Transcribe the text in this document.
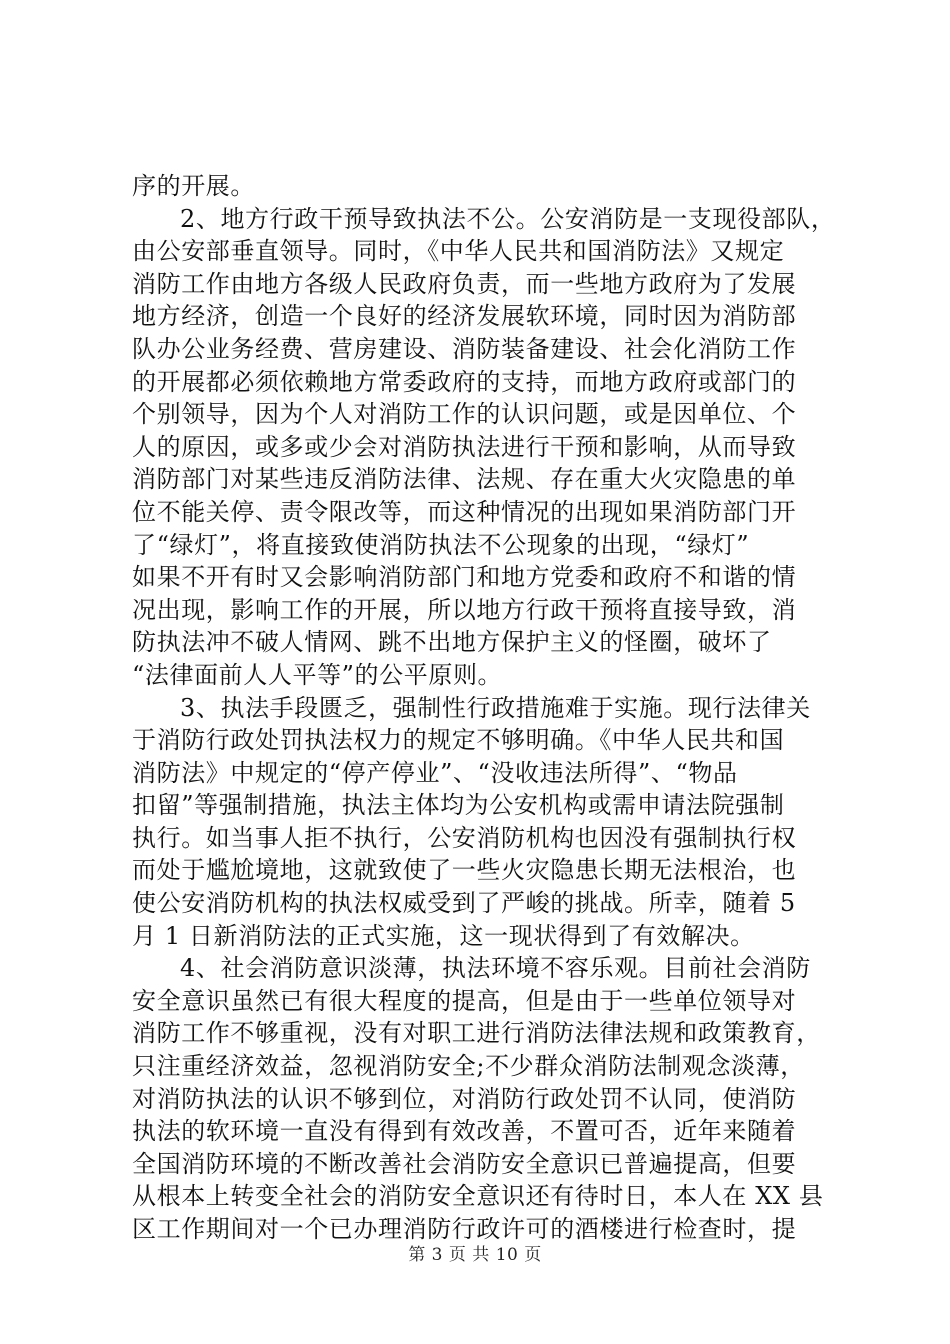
序的开展。
2、地方行政干预导致执法不公。公安消防是一支现役部队，
由公安部垂直领导。同时，《中华人民共和国消防法》又规定
消防工作由地方各级人民政府负责，而一些地方政府为了发展
地方经济，创造一个良好的经济发展软环境，同时因为消防部
队办公业务经费、营房建设、消防装备建设、社会化消防工作
的开展都必须依赖地方常委政府的支持，而地方政府或部门的
个别领导，因为个人对消防工作的认识问题，或是因单位、个
人的原因，或多或少会对消防执法进行干预和影响，从而导致
消防部门对某些违反消防法律、法规、存在重大火灾隐患的单
位不能关停、责令限改等，而这种情况的出现如果消防部门开
了“绿灯”，将直接致使消防执法不公现象的出现，“绿灯”
如果不开有时又会影响消防部门和地方党委和政府不和谐的情
况出现，影响工作的开展，所以地方行政干预将直接导致，消
防执法冲不破人情网、跳不出地方保护主义的怪圈，破坏了
“法律面前人人平等”的公平原则。
3、执法手段匮乏，强制性行政措施难于实施。现行法律关
于消防行政处罚执法权力的规定不够明确。《中华人民共和国
消防法》中规定的“停产停业”、“没收违法所得”、“物品
扣留”等强制措施，执法主体均为公安机构或需申请法院强制
执行。如当事人拒不执行，公安消防机构也因没有强制执行权
而处于尴尬境地，这就致使了一些火灾隐患长期无法根治，也
使公安消防机构的执法权威受到了严峻的挑战。所幸，随着 5
月 1 日新消防法的正式实施，这一现状得到了有效解决。
4、社会消防意识淡薄，执法环境不容乐观。目前社会消防
安全意识虽然已有很大程度的提高，但是由于一些单位领导对
消防工作不够重视，没有对职工进行消防法律法规和政策教育，
只注重经济效益，忽视消防安全;不少群众消防法制观念淡薄，
对消防执法的认识不够到位，对消防行政处罚不认同，使消防
执法的软环境一直没有得到有效改善，不置可否，近年来随着
全国消防环境的不断改善社会消防安全意识已普遍提高，但要
从根本上转变全社会的消防安全意识还有待时日，本人在 XX 县
区工作期间对一个已办理消防行政许可的酒楼进行检查时，提
第 3 页 共 10 页
